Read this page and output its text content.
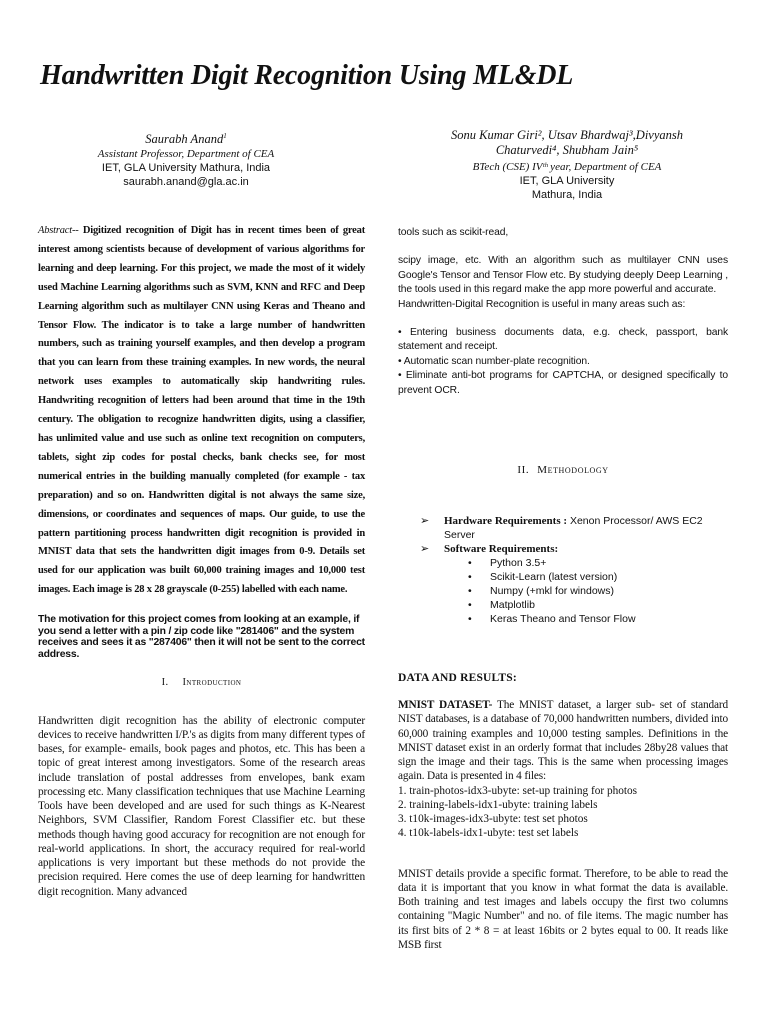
Handwritten Digit Recognition Using ML&DL
Saurabh Anand$^1$
Assistant Professor, Department of CEA
IET, GLA University Mathura, India
saurabh.anand@gla.ac.in
Sonu Kumar Giri², Utsav Bhardwaj³,Divyansh
Chaturvedi⁴, Shubham Jain⁵
BTech (CSE) IVᵗʰ year, Department of CEA
IET, GLA University
Mathura, India

Abstract-- Digitized recognition of Digit has in recent times been of great interest among scientists because of development of various algorithms for learning and deep learning. For this project, we made the most of it widely used Machine Learning algorithms such as SVM, KNN and RFC and Deep Learning algorithm such as multilayer CNN using Keras and Theano and Tensor Flow. The indicator is to take a large number of handwritten numbers, such as training yourself examples, and then develop a program that you can learn from these training examples. In new words, the neural network uses examples to automatically skip handwriting rules. Handwriting recognition of letters had been around that time in the 19th century. The obligation to recognize handwritten digits, using a classifier, has unlimited value and use such as online text recognition on computers, tablets, sight zip codes for postal checks, bank checks see, for most numerical entries in the building manually completed (for example - tax preparation) and so on. Handwritten digital is not always the same size, dimensions, or coordinates and sequences of maps. Our guide, to use the pattern partitioning process handwritten digit recognition is provided in MNIST data that sets the handwritten digit images from 0-9. Details set used for our application was built 60,000 training images and 10,000 test images. Each image is 28 x 28 grayscale (0-255) labelled with each name.

The motivation for this project comes from looking at an example, if you send a letter with a pin / zip code like "281406" and the system receives and sees it as "287406" then it will not be sent to the correct address.

I. Introduction

Handwritten digit recognition has the ability of electronic computer devices to receive handwritten I/P.'s as digits from many different types of bases, for example- emails, book pages and photos, etc. This has been a topic of great interest among investigators. Some of the research areas include translation of postal addresses from envelopes, bank exam processing etc. Many classification techniques that use Machine Learning Tools have been developed and are used for such things as K-Nearest Neighbors, SVM Classifier, Random Forest Classifier etc. but these methods though having good accuracy for recognition are not enough for real-world applications. In short, the accuracy required for real-world applications is very important but these methods do not provide the precision required. Here comes the use of deep learning for handwritten digit recognition. Many advanced

tools such as scikit-read,

scipy image, etc. With an algorithm such as multilayer CNN uses Google's Tensor and Tensor Flow etc. By studying deeply Deep Learning , the tools used in this regard make the app more powerful and accurate.

Handwritten-Digital Recognition is useful in many areas such as:

• Entering business documents data, e.g. check, passport, bank statement and receipt.
• Automatic scan number-plate recognition.
• Eliminate anti-bot programs for CAPTCHA, or designed specifically to prevent OCR.
II. Methodology
➢ Hardware Requirements : Xenon Processor/ AWS EC2 Server
➢ Software Requirements:
• Python 3.5+
• Scikit-Learn (latest version)
• Numpy (+mkl for windows)
• Matplotlib
• Keras Theano and Tensor Flow
DATA AND RESULTS:

MNIST DATASET- The MNIST dataset, a larger sub- set of standard NIST databases, is a database of 70,000 handwritten numbers, divided into 60,000 training examples and 10,000 testing samples. Definitions in the MNIST dataset exist in an orderly format that includes 28by28 values that sign the image and their tags. This is the same when processing images again. Data is presented in 4 files:

1. train-photos-idx3-ubyte: set-up training for photos
2. training-labels-idx1-ubyte: training labels
3. t10k-images-idx3-ubyte: test set photos
4. t10k-labels-idx1-ubyte: test set labels

MNIST details provide a specific format. Therefore, to be able to read the data it is important that you know in what format the data is available. Both training and test images and labels occupy the first two columns containing "Magic Number" and no. of file items. The magic number has its first bits of 2 * 8 = at least 16bits or 2 bytes equal to 00. It reads like MSB first
